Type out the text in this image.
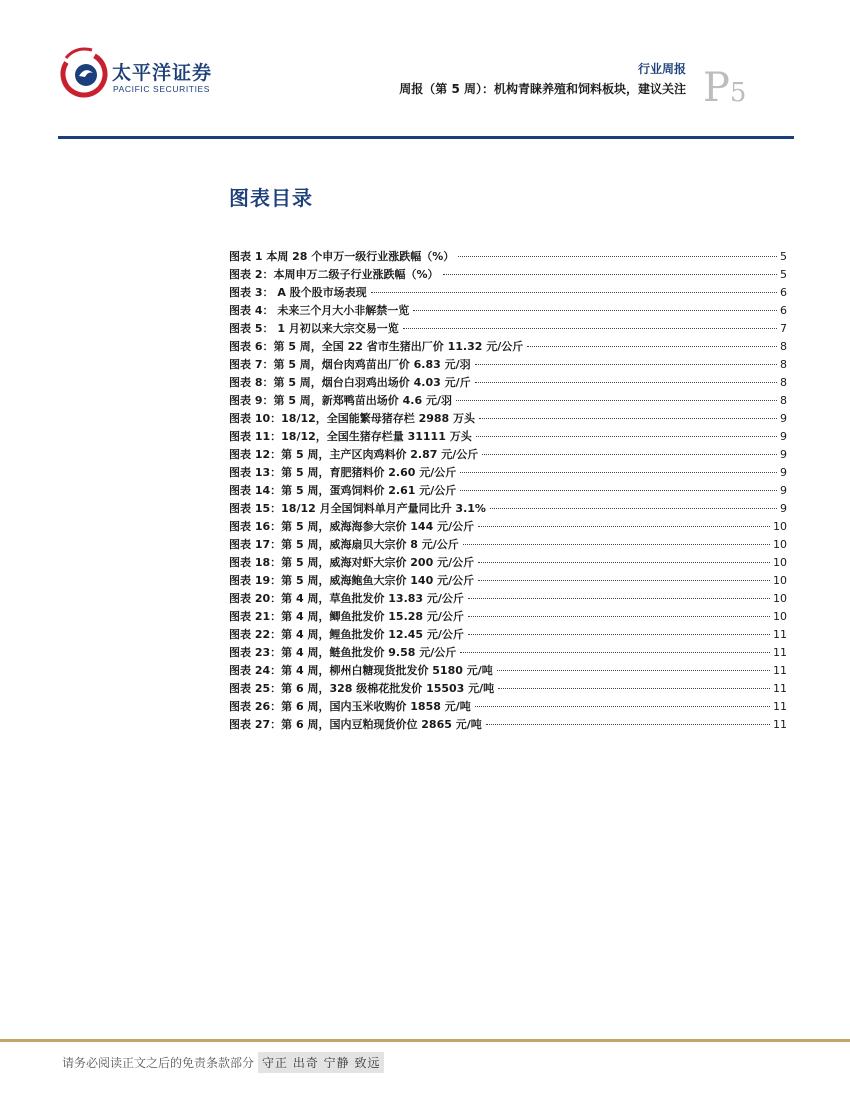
太平洋证券
PACIFIC SECURITIES
行业周报
周报（第 5 周）：机构青睐养殖和饲料板块，建议关注 P5
图表目录
图表 1 本周 28 个申万一级行业涨跌幅（%）	5
图表 2：本周申万二级子行业涨跌幅（%）	5
图表 3： A 股个股市场表现	6
图表 4： 未来三个月大小非解禁一览	6
图表 5： 1 月初以来大宗交易一览	7
图表 6：第 5 周，全国 22 省市生猪出厂价 11.32 元/公斤	8
图表 7：第 5 周，烟台肉鸡苗出厂价 6.83 元/羽	8
图表 8：第 5 周，烟台白羽鸡出场价 4.03 元/斤	8
图表 9：第 5 周，新郑鸭苗出场价 4.6 元/羽	8
图表 10：18/12，全国能繁母猪存栏 2988 万头	9
图表 11：18/12，全国生猪存栏量 31111 万头	9
图表 12：第 5 周，主产区肉鸡料价 2.87 元/公斤	9
图表 13：第 5 周，育肥猪料价 2.60 元/公斤	9
图表 14：第 5 周，蛋鸡饲料价 2.61 元/公斤	9
图表 15：18/12 月全国饲料单月产量同比升 3.1%	9
图表 16：第 5 周，威海海参大宗价 144 元/公斤	10
图表 17：第 5 周，威海扇贝大宗价 8 元/公斤	10
图表 18：第 5 周，威海对虾大宗价 200 元/公斤	10
图表 19：第 5 周，威海鲍鱼大宗价 140 元/公斤	10
图表 20：第 4 周，草鱼批发价 13.83 元/公斤	10
图表 21：第 4 周，鲫鱼批发价 15.28 元/公斤	10
图表 22：第 4 周，鲤鱼批发价 12.45 元/公斤	11
图表 23：第 4 周，鲢鱼批发价 9.58 元/公斤	11
图表 24：第 4 周，柳州白糖现货批发价 5180 元/吨	11
图表 25：第 6 周，328 级棉花批发价 15503 元/吨	11
图表 26：第 6 周，国内玉米收购价 1858 元/吨	11
图表 27：第 6 周，国内豆粕现货价位 2865 元/吨	11
请务必阅读正文之后的免责条款部分 守正 出奇 宁静 致远
